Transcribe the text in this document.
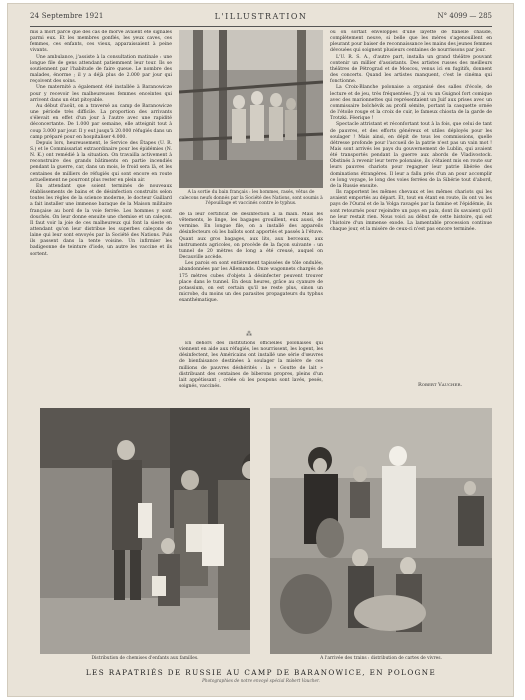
24 Septembre 1921	L'ILLUSTRATION	N° 4099 — 285

mis à mort parce que des cas de morve avaient été signalés parmi eux. Et les membres gonflés, les yeux caves, ces femmes, ces enfants, ces vieux, apparaissaient à peine vivants.

Une ambulance, j'assiste à la consultation matinale : une longue file de gens attendant patiemment leur tour. Ils se soutiennent par l'habitude de faire queue. Le nombre des malades, énorme ; il y a déjà plus de 2.000 par jour qui reçoivent des soins.

Une maternité a également été installée à Baranowicze pour y recevoir les malheureuses femmes enceintes qui arrivent dans un état pitoyable.

Au début d'août, on a traversé au camp de Baranowicze une période très difficile. La proportion des arrivants s'élevait en effet d'un jour à l'autre avec une rapidité déconcertante. De 1.000 par semaine, elle atteignit tout à coup 3.000 par jour. Il y eut jusqu'à 20.000 réfugiés dans un camp préparé pour en hospitaliser 4.000.

Depuis lors, heureusement, le Service des Étapes (U. R. S.) et le Commissariat extraordinaire pour les épidémies (N. N. K.) ont remédié à la situation. On travailla activement à reconstruire des grands bâtiments en partie incendiés pendant la guerre, car, dans un mois, le froid sera là, et les centaines de milliers de réfugiés qui sont encore en route actuellement ne pourront plus rester en plein air.

En attendant que soient terminés de nouveaux établissements de bains et de désinfection construits selon toutes les règles de la science moderne, le docteur Gaillard a fait installer une immense baraque de la Maison militaire française au bord de la voie ferrée. Les hommes y sont douchés. On leur donne ensuite une chemise et un caleçon. Il faut voir la joie de ces malheureux qui font la sieste en attendant qu'on leur distribue les superbes caleçons de laine qui leur sont envoyés par la Société des Nations. Puis ils passent dans la tente voisine. Un infirmier les badigeonne de teinture d'iode, un autre les vaccine et ils sortent.

A la sortie du bain français : les hommes, rasés, vêtus de calecons neufs donnés par la Société des Nations, sont soumis à l'épouillage et vaccinés contre le typhus.

de là leur certificat de désinfection à la main. Mais les vêtements, le linge, les bagages grouillent, eux aussi, de vermine. En longue file, on a installé des appareils désinfecteurs où les ballots sont apportés et passés à l'étuve. Quant aux gros bagages, aux lits, aux berceaux, aux instruments agricoles, on procède de la façon suivante : un tunnel de 20 mètres de long a été creusé, auquel on Decauville accède.

Les parois en sont entièrement tapissées de tôle ondulée, abandonnées par les Allemands. Onze wagonnets chargés de 175 mètres cubes d'objets à désinfecter peuvent trouver place dans le tunnel. En deux heures, grâce au cyanure de potassium, on est certain qu'il ne reste plus, sinon un microbe, du moins un des parasites propagateurs du typhus exanthématique.

⁂

En dehors des institutions officielles polonaises qui viennent en aide aux réfugiés, les nourrissent, les logent, les désinfectent, les Américains ont installé une série d'œuvres de bienfaisance destinées à soulager la misère de ces millions de pauvres déshérités : la « Goutte de lait » distribuant des centaines de biberons propres, pleins d'un lait appétissant ; créée où les poupons sont lavés, pesés, soignés, vaccinés.

où on sortait enveloppés d'une layette de flanelle chaude, complètement neuve, si belle que les mères s'agenouillent en pleurant pour baiser de reconnaissance les mains des jeunes femmes dévouées qui soignent plusieurs centaines de nourrissons par jour.

L'U. R. S. A., d'autre part, installa un grand théâtre pouvant contenir un millier d'assistants. Des artistes russes des meilleurs théâtres de Pétrograd et de Moscou, venus ici en fugitifs, donnent des concerts. Quand les artistes manquent, c'est le cinéma qui fonctionne.

La Croix-Blanche polonaise a organisé des salles d'école, de lecture et de jeu, très fréquentées. J'y ai vu un Guignol fort comique avec des marionnettes qui représentaient un Juif aux prises avec un commissaire bolchévik au profil sémite, portant la casquette ornée de l'étoile rouge et la croix de cuir, le fameux chiosta de la garde de Trotzki. Féerique !

Spectacle attristant et réconfortant tout à la fois, que celui de tant de pauvres, et des efforts généreux et utiles déployés pour les soulager ! Mais ainsi, en dépit de tous les commissions, quelle détresse profonde pour l'accueil de la patrie n'est pas un vain mot ! Mais sont arrivés les pays du gouvernement de Lublin, qui avaient été transportés pendant la guerre aux abords de Vladivostock. Obstinés à revenir leur terre polonaise, ils s'étaient mis en route sur leurs pauvres chariots pour regagner leur patrie libérée des dominations étrangères. Il leur a fallu près d'un an pour accomplir ce long voyage, le long des voies ferrées de la Sibérie tout d'abord, de la Russie ensuite.

Ils rapportent les mêmes chevaux et les mêmes chariots qui les avaient emportés au départ. Et, tout en étant en route, ils ont vu les pays de l'Oural et de la Volga ravagés par la famine et l'épidémie, ils sont retournés pour rejoindre un pays en paix, dont ils savaient qu'il ne leur restait rien. Nous voici au début de cette histoire, qui est l'histoire d'un immense exode. La lamentable procession continue chaque jour, et la misère de ceux-ci n'est pas encore terminée.

Robert Vaucher.
Distribution de chemises d'enfants aux familles.	A l'arrivée des trains : distribution de cartes de vivres.
LES RAPATRIÉS DE RUSSIE AU CAMP DE BARANOWICE, EN POLOGNE
Photographies de notre envoyé spécial Robert Vaucher.
